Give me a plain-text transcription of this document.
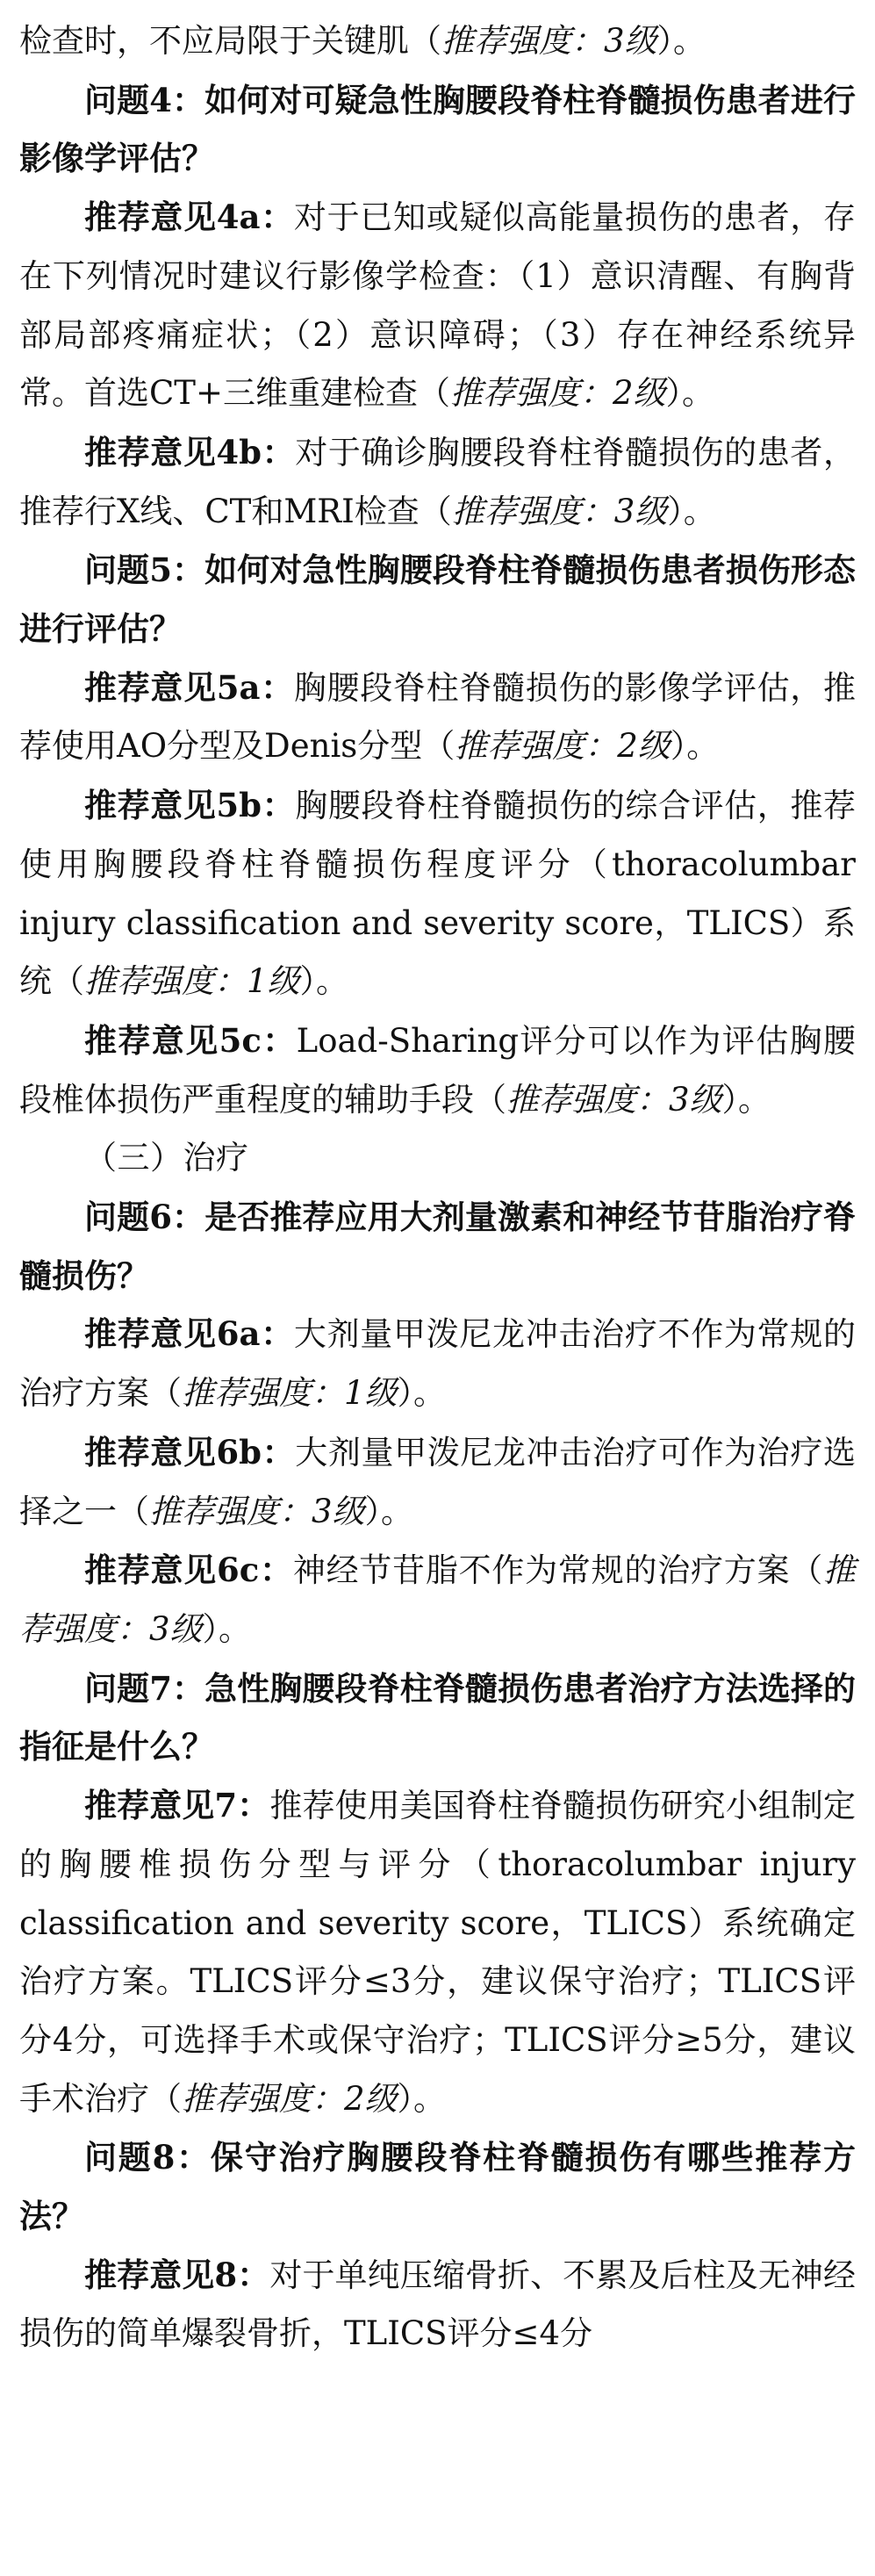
检查时，不应局限于关键肌（推荐强度：3级）。

问题4：如何对可疑急性胸腰段脊柱脊髓损伤患者进行影像学评估？

推荐意见4a：对于已知或疑似高能量损伤的患者，存在下列情况时建议行影像学检查：（1）意识清醒、有胸背部局部疼痛症状；（2）意识障碍；（3）存在神经系统异常。首选CT+三维重建检查（推荐强度：2级）。

推荐意见4b：对于确诊胸腰段脊柱脊髓损伤的患者，推荐行X线、CT和MRI检查（推荐强度：3级）。

问题5：如何对急性胸腰段脊柱脊髓损伤患者损伤形态进行评估？

推荐意见5a：胸腰段脊柱脊髓损伤的影像学评估，推荐使用AO分型及Denis分型（推荐强度：2级）。

推荐意见5b：胸腰段脊柱脊髓损伤的综合评估，推荐使用胸腰段脊柱脊髓损伤程度评分（thoracolumbar injury classification and severity score，TLICS）系统（推荐强度：1级）。

推荐意见5c：Load-Sharing评分可以作为评估胸腰段椎体损伤严重程度的辅助手段（推荐强度：3级）。

（三）治疗

问题6：是否推荐应用大剂量激素和神经节苷脂治疗脊髓损伤？

推荐意见6a：大剂量甲泼尼龙冲击治疗不作为常规的治疗方案（推荐强度：1级）。

推荐意见6b：大剂量甲泼尼龙冲击治疗可作为治疗选择之一（推荐强度：3级）。

推荐意见6c：神经节苷脂不作为常规的治疗方案（推荐强度：3级）。

问题7：急性胸腰段脊柱脊髓损伤患者治疗方法选择的指征是什么？

推荐意见7：推荐使用美国脊柱脊髓损伤研究小组制定的胸腰椎损伤分型与评分（thoracolumbar injury classification and severity score，TLICS）系统确定治疗方案。TLICS评分≤3分，建议保守治疗；TLICS评分4分，可选择手术或保守治疗；TLICS评分≥5分，建议手术治疗（推荐强度：2级）。

问题8：保守治疗胸腰段脊柱脊髓损伤有哪些推荐方法？

推荐意见8：对于单纯压缩骨折、不累及后柱及无神经损伤的简单爆裂骨折，TLICS评分≤4分
